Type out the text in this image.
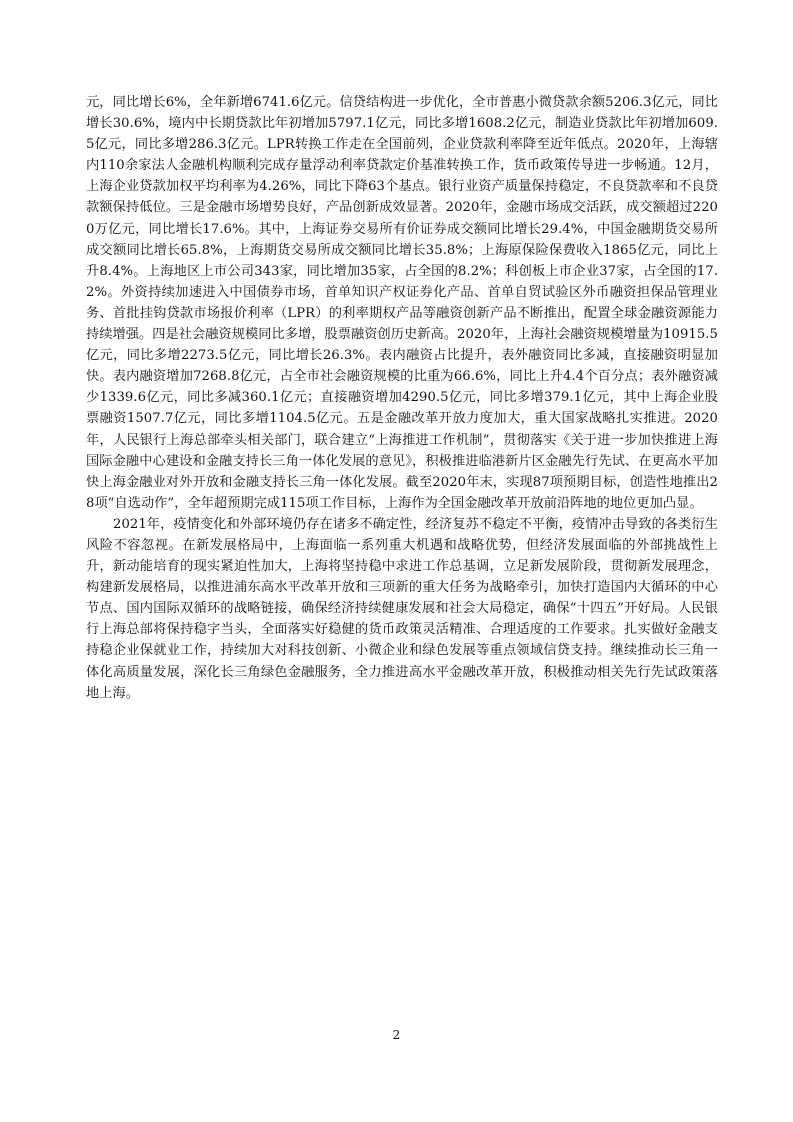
元，同比增长6%，全年新增6741.6亿元。信贷结构进一步优化，全市普惠小微贷款余额5206.3亿元，同比增长30.6%，境内中长期贷款比年初增加5797.1亿元，同比多增1608.2亿元，制造业贷款比年初增加609.5亿元，同比多增286.3亿元。LPR转换工作走在全国前列，企业贷款利率降至近年低点。2020年，上海辖内110余家法人金融机构顺利完成存量浮动利率贷款定价基准转换工作，货币政策传导进一步畅通。12月，上海企业贷款加权平均利率为4.26%，同比下降63个基点。银行业资产质量保持稳定，不良贷款率和不良贷款额保持低位。三是金融市场增势良好，产品创新成效显著。2020年，金融市场成交活跃，成交额超过2200万亿元，同比增长17.6%。其中，上海证券交易所有价证券成交额同比增长29.4%，中国金融期货交易所成交额同比增长65.8%，上海期货交易所成交额同比增长35.8%；上海原保险保费收入1865亿元，同比上升8.4%。上海地区上市公司343家，同比增加35家，占全国的8.2%；科创板上市企业37家，占全国的17.2%。外资持续加速进入中国债券市场，首单知识产权证券化产品、首单自贸试验区外币融资担保品管理业务、首批挂钩贷款市场报价利率（LPR）的利率期权产品等融资创新产品不断推出，配置全球金融资源能力持续增强。四是社会融资规模同比多增，股票融资创历史新高。2020年，上海社会融资规模增量为10915.5亿元，同比多增2273.5亿元，同比增长26.3%。表内融资占比提升，表外融资同比多减，直接融资明显加快。表内融资增加7268.8亿元，占全市社会融资规模的比重为66.6%，同比上升4.4个百分点；表外融资减少1339.6亿元，同比多减360.1亿元；直接融资增加4290.5亿元，同比多增379.1亿元，其中上海企业股票融资1507.7亿元，同比多增1104.5亿元。五是金融改革开放力度加大，重大国家战略扎实推进。2020年，人民银行上海总部牵头相关部门，联合建立“上海推进工作机制”，贯彻落实《关于进一步加快推进上海国际金融中心建设和金融支持长三角一体化发展的意见》，积极推进临港新片区金融先行先试、在更高水平加快上海金融业对外开放和金融支持长三角一体化发展。截至2020年末，实现87项预期目标，创造性地推出28项“自选动作”，全年超预期完成115项工作目标，上海作为全国金融改革开放前沿阵地的地位更加凸显。

2021年，疫情变化和外部环境仍存在诸多不确定性，经济复苏不稳定不平衡，疫情冲击导致的各类衍生风险不容忽视。在新发展格局中，上海面临一系列重大机遇和战略优势，但经济发展面临的外部挑战性上升，新动能培育的现实紧迫性加大，上海将坚持稳中求进工作总基调，立足新发展阶段，贯彻新发展理念，构建新发展格局，以推进浦东高水平改革开放和三项新的重大任务为战略牵引，加快打造国内大循环的中心节点、国内国际双循环的战略链接，确保经济持续健康发展和社会大局稳定，确保“十四五”开好局。人民银行上海总部将保持稳字当头，全面落实好稳健的货币政策灵活精准、合理适度的工作要求。扎实做好金融支持稳企业保就业工作，持续加大对科技创新、小微企业和绿色发展等重点领域信贷支持。继续推动长三角一体化高质量发展，深化长三角绿色金融服务，全力推进高水平金融改革开放，积极推动相关先行先试政策落地上海。

2
